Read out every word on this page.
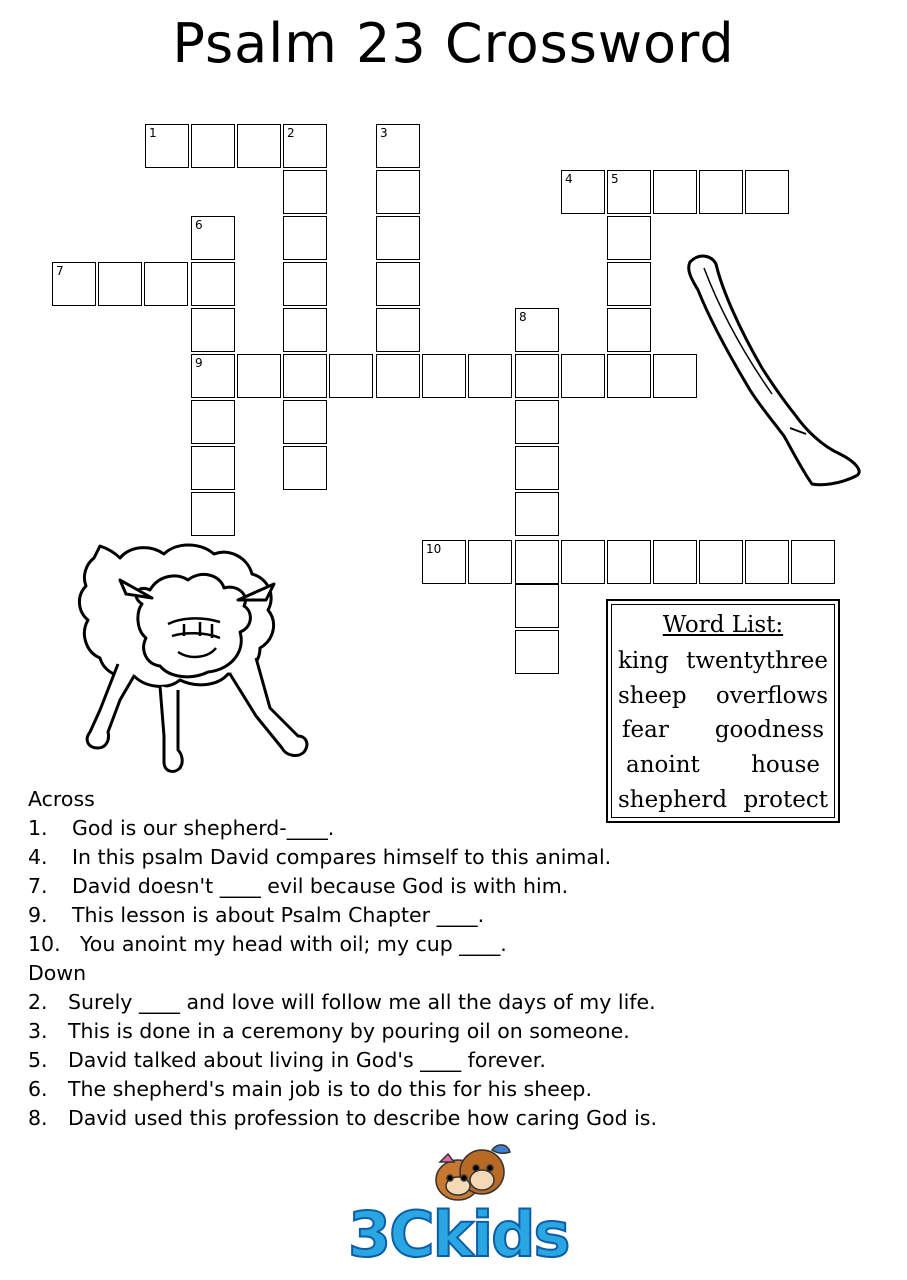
Psalm 23 Crossword
1	2	3
4	5
6
7
8
9
10
Word List:
king twentythree
sheep overflows
fear goodness
anoint house
shepherd protect
Across
1.	God is our shepherd-____.
4.	In this psalm David compares himself to this animal.
7.	David doesn't ____ evil because God is with him.
9.	This lesson is about Psalm Chapter ____.
10. You anoint my head with oil; my cup ____.
Down
2. Surely ____ and love will follow me all the days of my life.
3. This is done in a ceremony by pouring oil on someone.
5. David talked about living in God's ____ forever.
6. The shepherd's main job is to do this for his sheep.
8. David used this profession to describe how caring God is.
3Ckids
